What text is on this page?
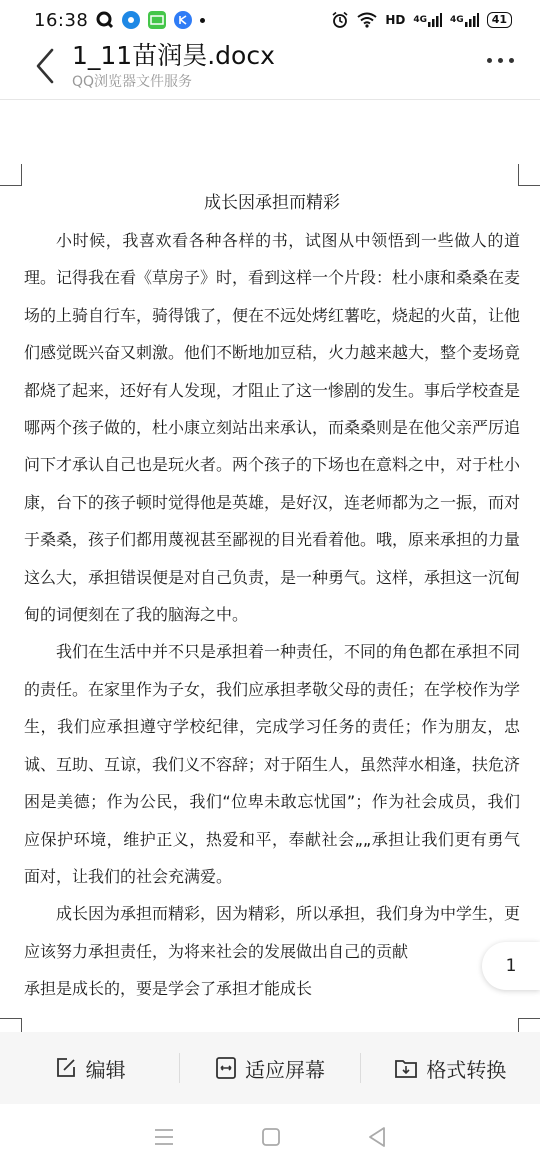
16:38	HD 4G	4G	41
1_11苗润昊.docx
QQ浏览器文件服务
成长因承担而精彩

小时候，我喜欢看各种各样的书，试图从中领悟到一些做人的道理。记得我在看《草房子》时，看到这样一个片段：杜小康和桑桑在麦场的上骑自行车，骑得饿了，便在不远处烤红薯吃，烧起的火苗，让他们感觉既兴奋又刺激。他们不断地加豆秸，火力越来越大，整个麦场竟都烧了起来，还好有人发现，才阻止了这一惨剧的发生。事后学校查是哪两个孩子做的，杜小康立刻站出来承认，而桑桑则是在他父亲严厉追问下才承认自己也是玩火者。两个孩子的下场也在意料之中，对于杜小康，台下的孩子顿时觉得他是英雄，是好汉，连老师都为之一振，而对于桑桑，孩子们都用蔑视甚至鄙视的目光看着他。哦，原来承担的力量这么大，承担错误便是对自己负责，是一种勇气。这样，承担这一沉甸甸的词便刻在了我的脑海之中。

我们在生活中并不只是承担着一种责任，不同的角色都在承担不同的责任。在家里作为子女，我们应承担孝敬父母的责任；在学校作为学生，我们应承担遵守学校纪律，完成学习任务的责任；作为朋友，忠诚、互助、互谅，我们义不容辞；对于陌生人，虽然萍水相逢，扶危济困是美德；作为公民，我们“位卑未敢忘忧国”；作为社会成员，我们应保护环境，维护正义，热爱和平，奉献社会„„承担让我们更有勇气面对，让我们的社会充满爱。

成长因为承担而精彩，因为精彩，所以承担，我们身为中学生，更应该努力承担责任，为将来社会的发展做出自己的贡献

承担是成长的，要是学会了承担才能成长

1
编辑	适应屏幕	格式转换
